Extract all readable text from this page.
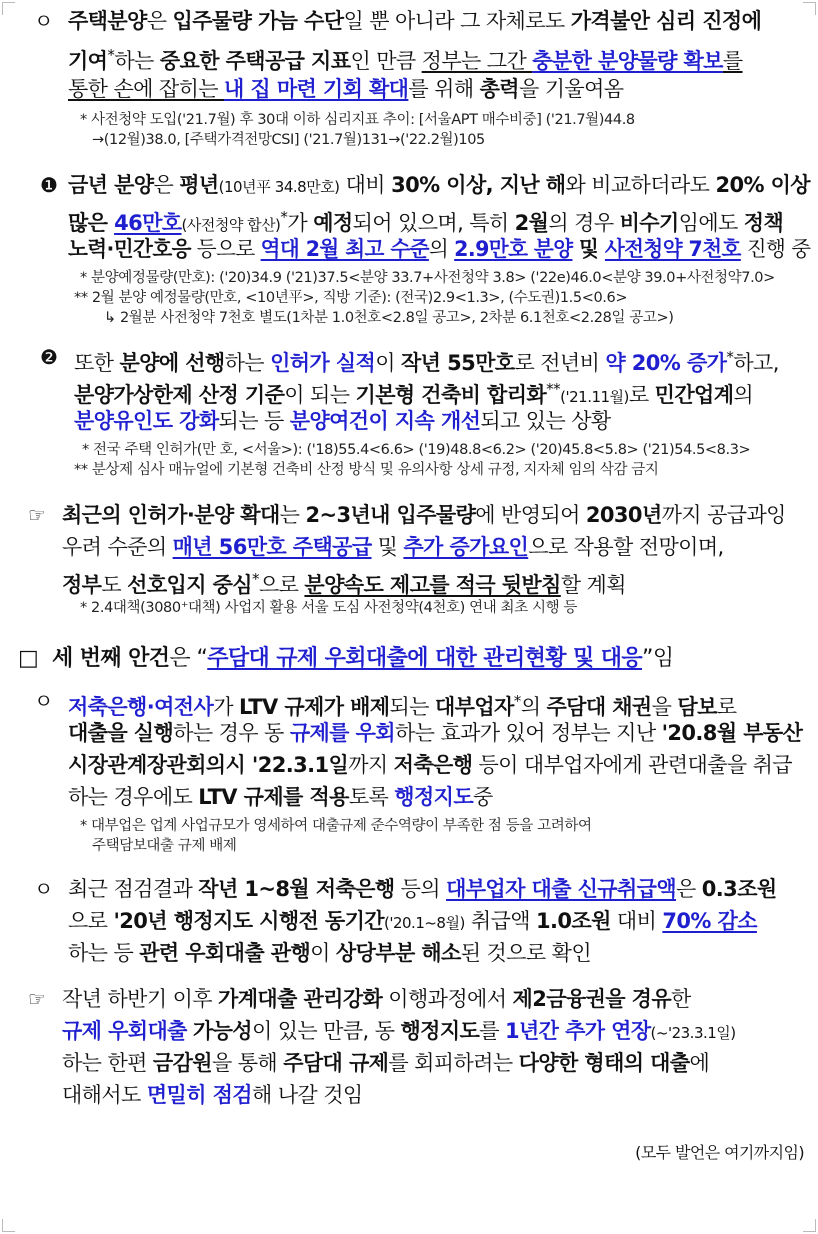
ㅇ 주택분양은 입주물량 가늠 수단일 뿐 아니라 그 자체로도 가격불안 심리 진정에
기여*하는 중요한 주택공급 지표인 만큼 정부는 그간 충분한 분양물량 확보를
통한 손에 잡히는 내 집 마련 기회 확대를 위해 총력을 기울여옴
* 사전청약 도입('21.7월) 후 30대 이하 심리지표 추이: [서울APT 매수비중] ('21.7월)44.8
→(12월)38.0, [주택가격전망CSI] ('21.7월)131→('22.2월)105
❶ 금년 분양은 평년(10년平 34.8만호) 대비 30% 이상, 지난 해와 비교하더라도 20% 이상
많은 46만호(사전청약 합산)*가 예정되어 있으며, 특히 2월의 경우 비수기임에도 정책
노력·민간호응 등으로 역대 2월 최고 수준의 2.9만호 분양 및 사전청약 7천호 진행 중
* 분양예정물량(만호): ('20)34.9 ('21)37.5<분양 33.7+사전청약 3.8> ('22e)46.0<분양 39.0+사전청약7.0>
** 2월 분양 예정물량(만호, <10년平>, 직방 기준): (전국)2.9<1.3>, (수도권)1.5<0.6>
↳ 2월분 사전청약 7천호 별도(1차분 1.0천호<2.8일 공고>, 2차분 6.1천호<2.28일 공고>)
❷ 또한 분양에 선행하는 인허가 실적이 작년 55만호로 전년비 약 20% 증가*하고,
분양가상한제 산정 기준이 되는 기본형 건축비 합리화**('21.11월)로 민간업계의
분양유인도 강화되는 등 분양여건이 지속 개선되고 있는 상황
* 전국 주택 인허가(만 호, <서울>): ('18)55.4<6.6> ('19)48.8<6.2> ('20)45.8<5.8> ('21)54.5<8.3>
** 분상제 심사 매뉴얼에 기본형 건축비 산정 방식 및 유의사항 상세 규정, 지자체 임의 삭감 금지
☞ 최근의 인허가·분양 확대는 2~3년내 입주물량에 반영되어 2030년까지 공급과잉
우려 수준의 매년 56만호 주택공급 및 추가 증가요인으로 작용할 전망이며,
정부도 선호입지 중심*으로 분양속도 제고를 적극 뒷받침할 계획
* 2.4대책(3080⁺대책) 사업지 활용 서울 도심 사전청약(4천호) 연내 최초 시행 등
□ 세 번째 안건은 “주담대 규제 우회대출에 대한 관리현황 및 대응”임
ㅇ 저축은행·여전사가 LTV 규제가 배제되는 대부업자*의 주담대 채권을 담보로
대출을 실행하는 경우 동 규제를 우회하는 효과가 있어 정부는 지난 '20.8월 부동산
시장관계장관회의시 '22.3.1일까지 저축은행 등이 대부업자에게 관련대출을 취급
하는 경우에도 LTV 규제를 적용토록 행정지도중
* 대부업은 업계 사업규모가 영세하여 대출규제 준수역량이 부족한 점 등을 고려하여
주택담보대출 규제 배제
ㅇ 최근 점검결과 작년 1~8월 저축은행 등의 대부업자 대출 신규취급액은 0.3조원
으로 '20년 행정지도 시행전 동기간('20.1~8월) 취급액 1.0조원 대비 70% 감소
하는 등 관련 우회대출 관행이 상당부분 해소된 것으로 확인
☞ 작년 하반기 이후 가계대출 관리강화 이행과정에서 제2금융권을 경유한
규제 우회대출 가능성이 있는 만큼, 동 행정지도를 1년간 추가 연장(~'23.3.1일)
하는 한편 금감원을 통해 주담대 규제를 회피하려는 다양한 형태의 대출에
대해서도 면밀히 점검해 나갈 것임
(모두 발언은 여기까지임)
